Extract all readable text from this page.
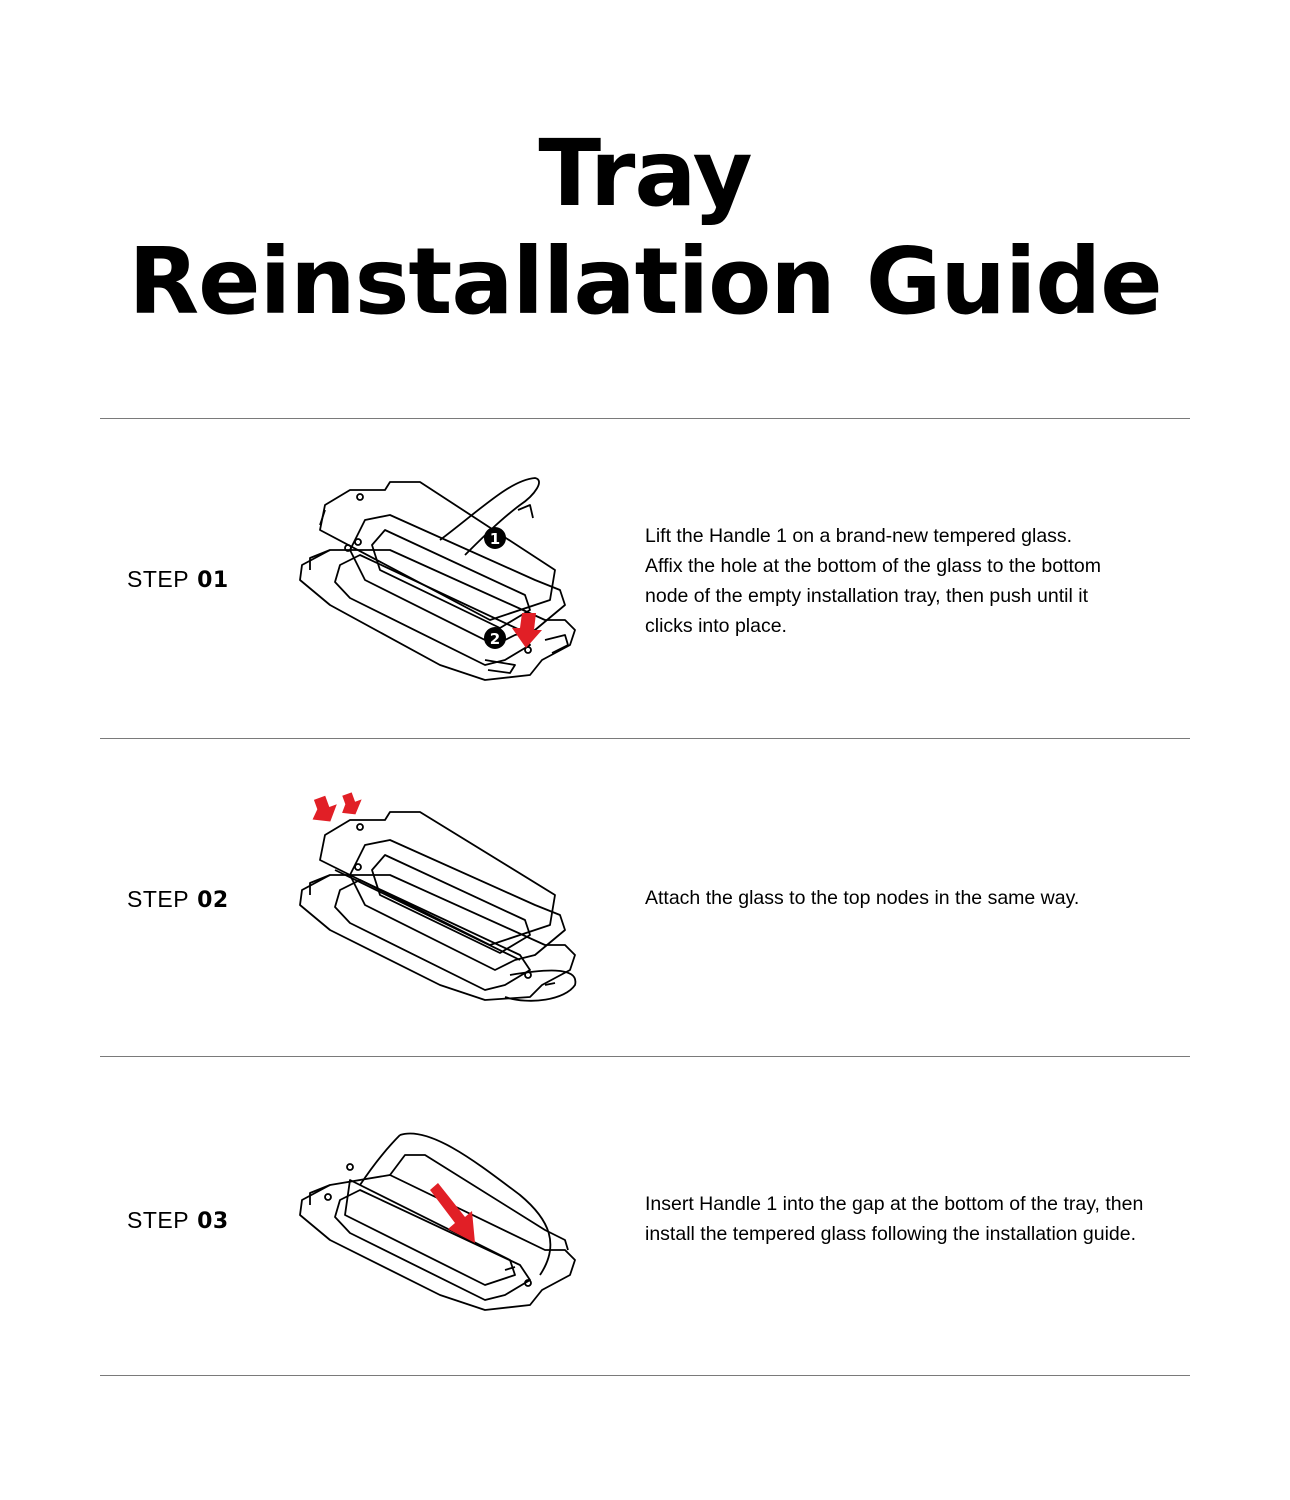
Tray
Reinstallation Guide
STEP 01
1
2

Lift the Handle 1 on a brand-new tempered glass.
Affix the hole at the bottom of the glass to the bottom
node of the empty installation tray, then push until it
clicks into place.

STEP 02	Attach the glass to the top nodes in the same way.

STEP 03

Insert Handle 1 into the gap at the bottom of the tray, then
install the tempered glass following the installation guide.
